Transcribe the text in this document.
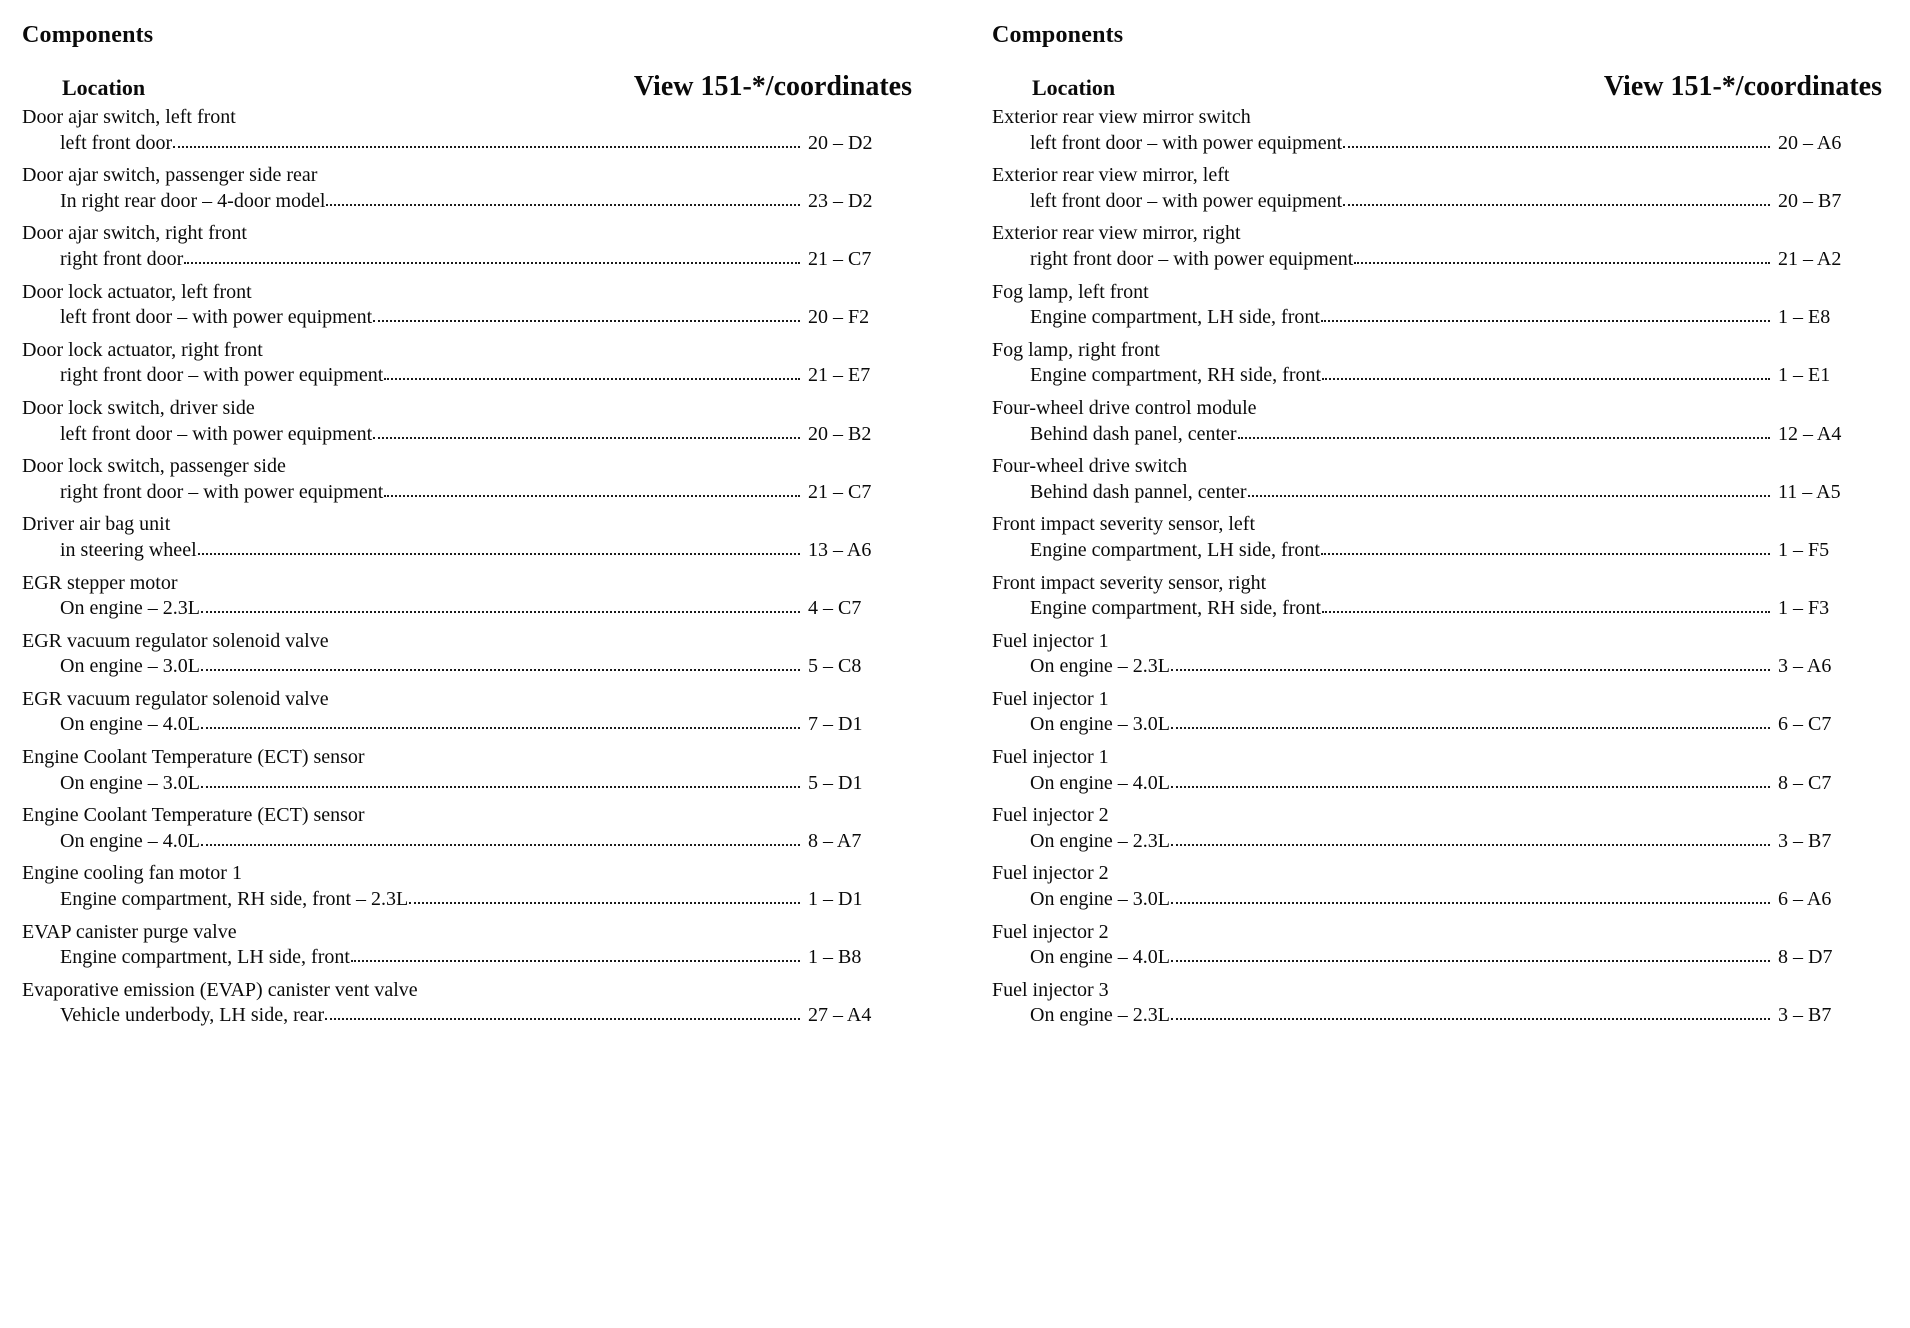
Components
Location	View 151-*/coordinates
Door ajar switch, left front
left front door	20 – D2
Door ajar switch, passenger side rear
In right rear door – 4-door model	23 – D2
Door ajar switch, right front
right front door	21 – C7
Door lock actuator, left front
left front door – with power equipment	20 – F2
Door lock actuator, right front
right front door – with power equipment	21 – E7
Door lock switch, driver side
left front door – with power equipment	20 – B2
Door lock switch, passenger side
right front door – with power equipment	21 – C7
Driver air bag unit
in steering wheel	13 – A6
EGR stepper motor
On engine – 2.3L	4 – C7
EGR vacuum regulator solenoid valve
On engine – 3.0L	5 – C8
EGR vacuum regulator solenoid valve
On engine – 4.0L	7 – D1
Engine Coolant Temperature (ECT) sensor
On engine – 3.0L	5 – D1
Engine Coolant Temperature (ECT) sensor
On engine – 4.0L	8 – A7
Engine cooling fan motor 1
Engine compartment, RH side, front – 2.3L	1 – D1
EVAP canister purge valve
Engine compartment, LH side, front	1 – B8
Evaporative emission (EVAP) canister vent valve
Vehicle underbody, LH side, rear	27 – A4
Components
Location	View 151-*/coordinates
Exterior rear view mirror switch
left front door – with power equipment	20 – A6
Exterior rear view mirror, left
left front door – with power equipment	20 – B7
Exterior rear view mirror, right
right front door – with power equipment	21 – A2
Fog lamp, left front
Engine compartment, LH side, front	1 – E8
Fog lamp, right front
Engine compartment, RH side, front	1 – E1
Four-wheel drive control module
Behind dash panel, center	12 – A4
Four-wheel drive switch
Behind dash pannel, center	11 – A5
Front impact severity sensor, left
Engine compartment, LH side, front	1 – F5
Front impact severity sensor, right
Engine compartment, RH side, front	1 – F3
Fuel injector 1
On engine – 2.3L	3 – A6
Fuel injector 1
On engine – 3.0L	6 – C7
Fuel injector 1
On engine – 4.0L	8 – C7
Fuel injector 2
On engine – 2.3L	3 – B7
Fuel injector 2
On engine – 3.0L	6 – A6
Fuel injector 2
On engine – 4.0L	8 – D7
Fuel injector 3
On engine – 2.3L	3 – B7
